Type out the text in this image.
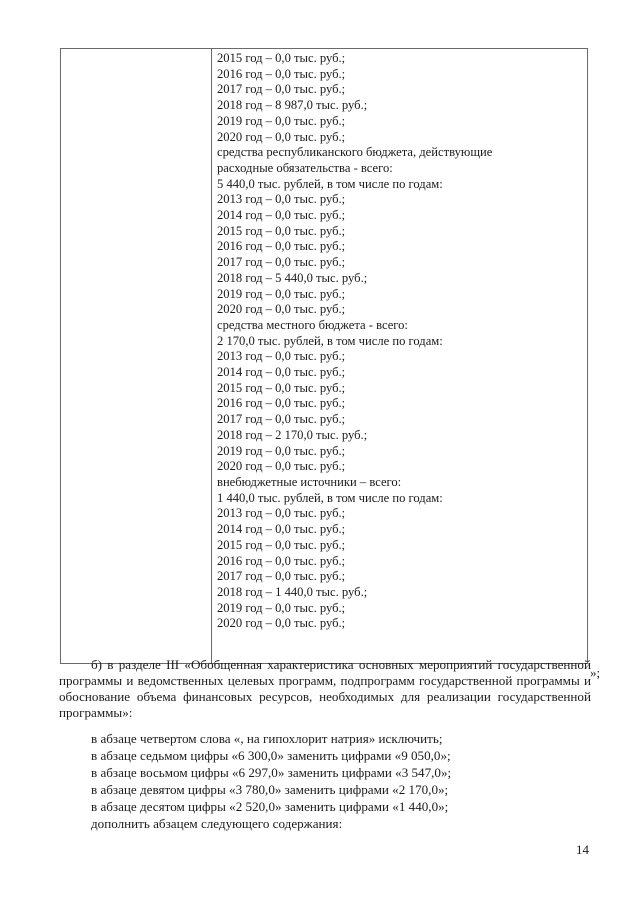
2015 год – 0,0 тыс. руб.;
2016 год – 0,0 тыс. руб.;
2017 год – 0,0 тыс. руб.;
2018 год – 8 987,0 тыс. руб.;
2019 год – 0,0 тыс. руб.;
2020 год – 0,0 тыс. руб.;
средства республиканского бюджета, действующие
расходные обязательства - всего:
5 440,0 тыс. рублей, в том числе по годам:
2013 год – 0,0 тыс. руб.;
2014 год – 0,0 тыс. руб.;
2015 год – 0,0 тыс. руб.;
2016 год – 0,0 тыс. руб.;
2017 год – 0,0 тыс. руб.;
2018 год – 5 440,0 тыс. руб.;
2019 год – 0,0 тыс. руб.;
2020 год – 0,0 тыс. руб.;
средства местного бюджета - всего:
2 170,0 тыс. рублей, в том числе по годам:
2013 год – 0,0 тыс. руб.;
2014 год – 0,0 тыс. руб.;
2015 год – 0,0 тыс. руб.;
2016 год – 0,0 тыс. руб.;
2017 год – 0,0 тыс. руб.;
2018 год – 2 170,0 тыс. руб.;
2019 год – 0,0 тыс. руб.;
2020 год – 0,0 тыс. руб.;
внебюджетные источники – всего:
1 440,0 тыс. рублей, в том числе по годам:
2013 год – 0,0 тыс. руб.;
2014 год – 0,0 тыс. руб.;
2015 год – 0,0 тыс. руб.;
2016 год – 0,0 тыс. руб.;
2017 год – 0,0 тыс. руб.;
2018 год – 1 440,0 тыс. руб.;
2019 год – 0,0 тыс. руб.;
2020 год – 0,0 тыс. руб.;
»;
б) в разделе III «Обобщенная характеристика основных мероприятий государственной программы и ведомственных целевых программ, подпрограмм государственной программы и обоснование объема финансовых ресурсов, необходимых для реализации государственной программы»:
в абзаце четвертом слова «, на гипохлорит натрия» исключить;
в абзаце седьмом цифры «6 300,0» заменить цифрами «9 050,0»;
в абзаце восьмом цифры «6 297,0» заменить цифрами «3 547,0»;
в абзаце девятом цифры «3 780,0» заменить цифрами «2 170,0»;
в абзаце десятом цифры «2 520,0» заменить цифрами «1 440,0»;
дополнить абзацем следующего содержания:
14
